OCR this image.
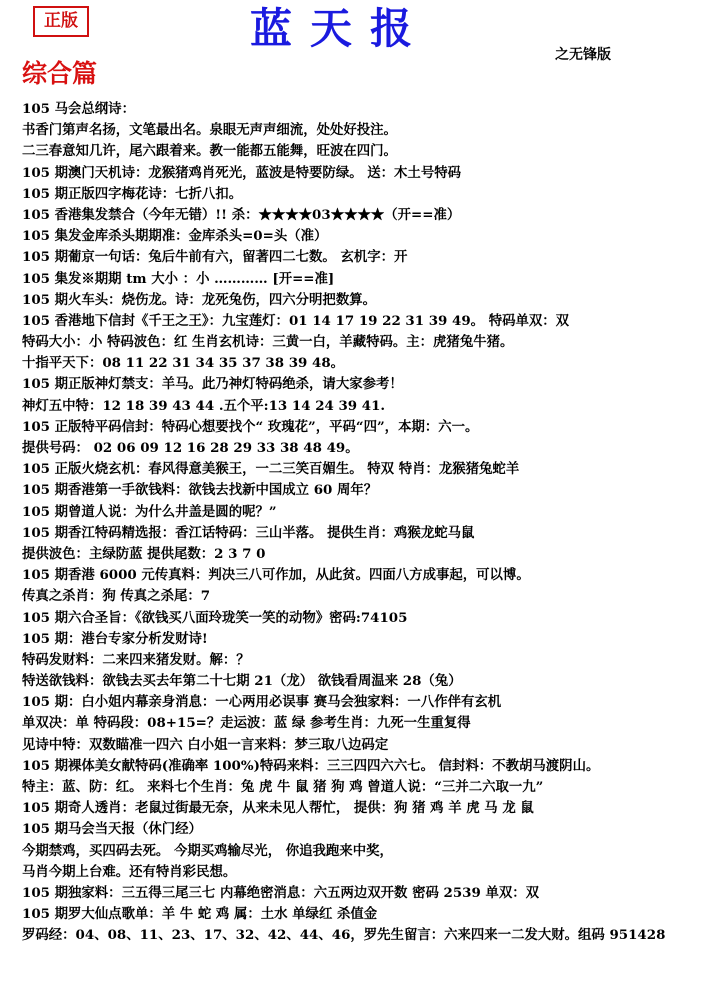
正版	蓝天报
之无锋版
综合篇
105 马会总纲诗：
书香门第声名扬，文笔最出名。泉眼无声声细流，处处好投注。
二三春意知几许，尾六跟着来。教一能都五能舞，旺波在四门。
105 期澳门天机诗：龙猴猪鸡肖死光，蓝波是特要防绿。 送：木土号特码
105 期正版四字梅花诗：七折八扣。
105 香港集发禁合（今年无错）!! 杀：★★★★03★★★★（开==准）
105 集发金库杀头期期准：金库杀头=0=头（准）
105 期葡京一句话：兔后牛前有六，留著四二七数。 玄机字：开
105 集发※期期 tm 大小 ：小 ………… [开==准]
105 期火车头：烧伤龙。诗：龙死兔伤，四六分明把数算。
105 香港地下信封《千王之王》：九宝莲灯：01 14 17 19 22 31 39 49。 特码单双：双
特码大小：小 特码波色：红 生肖玄机诗：三黄一白，羊藏特码。主：虎猪兔牛猪。
十指平天下：08 11 22 31 34 35 37 38 39 48。
105 期正版神灯禁支：羊马。此乃神灯特码绝杀，请大家参考！
神灯五中特：12 18 39 43 44 .五个平:13 14 24 39 41.
105 正版特平码信封：特码心想要找个“ 玫瑰花”，平码“四”，本期：六一。
提供号码： 02 06 09 12 16 28 29 33 38 48 49。
105 正版火烧玄机：春风得意美猴王，一二三笑百媚生。 特双 特肖：龙猴猪兔蛇羊
105 期香港第一手欲钱料：欲钱去找新中国成立 60 周年？
105 期曾道人说：为什么井盖是圆的呢？”
105 期香江特码精选报：香江话特码：三山半落。 提供生肖：鸡猴龙蛇马鼠
提供波色：主绿防蓝 提供尾数：2 3 7 0
105 期香港 6000 元传真料：判决三八可作加，从此贫。四面八方成事起，可以博。
传真之杀肖：狗 传真之杀尾：7
105 期六合圣旨：《欲钱买八面玲珑笑一笑的动物》密码:74105
105 期：港台专家分析发财诗!
特码发财料：二来四来猪发财。解：？
特送欲钱料：欲钱去买去年第二十七期 21（龙） 欲钱看周温来 28（兔）
105 期：白小姐内幕亲身消息：一心两用必误事 赛马会独家料：一八作伴有玄机
单双决：单 特码段：08+15=？走运波：蓝 绿 参考生肖：九死一生重复得
见诗中特：双数瞄准一四六 白小姐一言来料：梦三取八边码定
105 期裸体美女献特码(准确率 100%)特码来料：三三四四六六七。 信封料：不教胡马渡阴山。
特主：蓝、防：红。 来料七个生肖：兔 虎 牛 鼠 猪 狗 鸡 曾道人说：“三并二六取一九”
105 期奇人透肖：老鼠过街最无奈，从来未见人帮忙， 提供：狗 猪 鸡 羊 虎 马 龙 鼠
105 期马会当天报（休门经）
今期禁鸡，买四码去死。 今期买鸡输尽光， 你追我跑来中奖，
马肖今期上台难。还有特肖彩民想。
105 期独家料：三五得三尾三七 内幕绝密消息：六五两边双开数 密码 2539 单双：双
105 期罗大仙点歌单：羊 牛 蛇 鸡 属：土水 单绿红 杀值金
罗码经：04、08、11、23、17、32、42、44、46，罗先生留言：六来四来一二发大财。组码 951428
